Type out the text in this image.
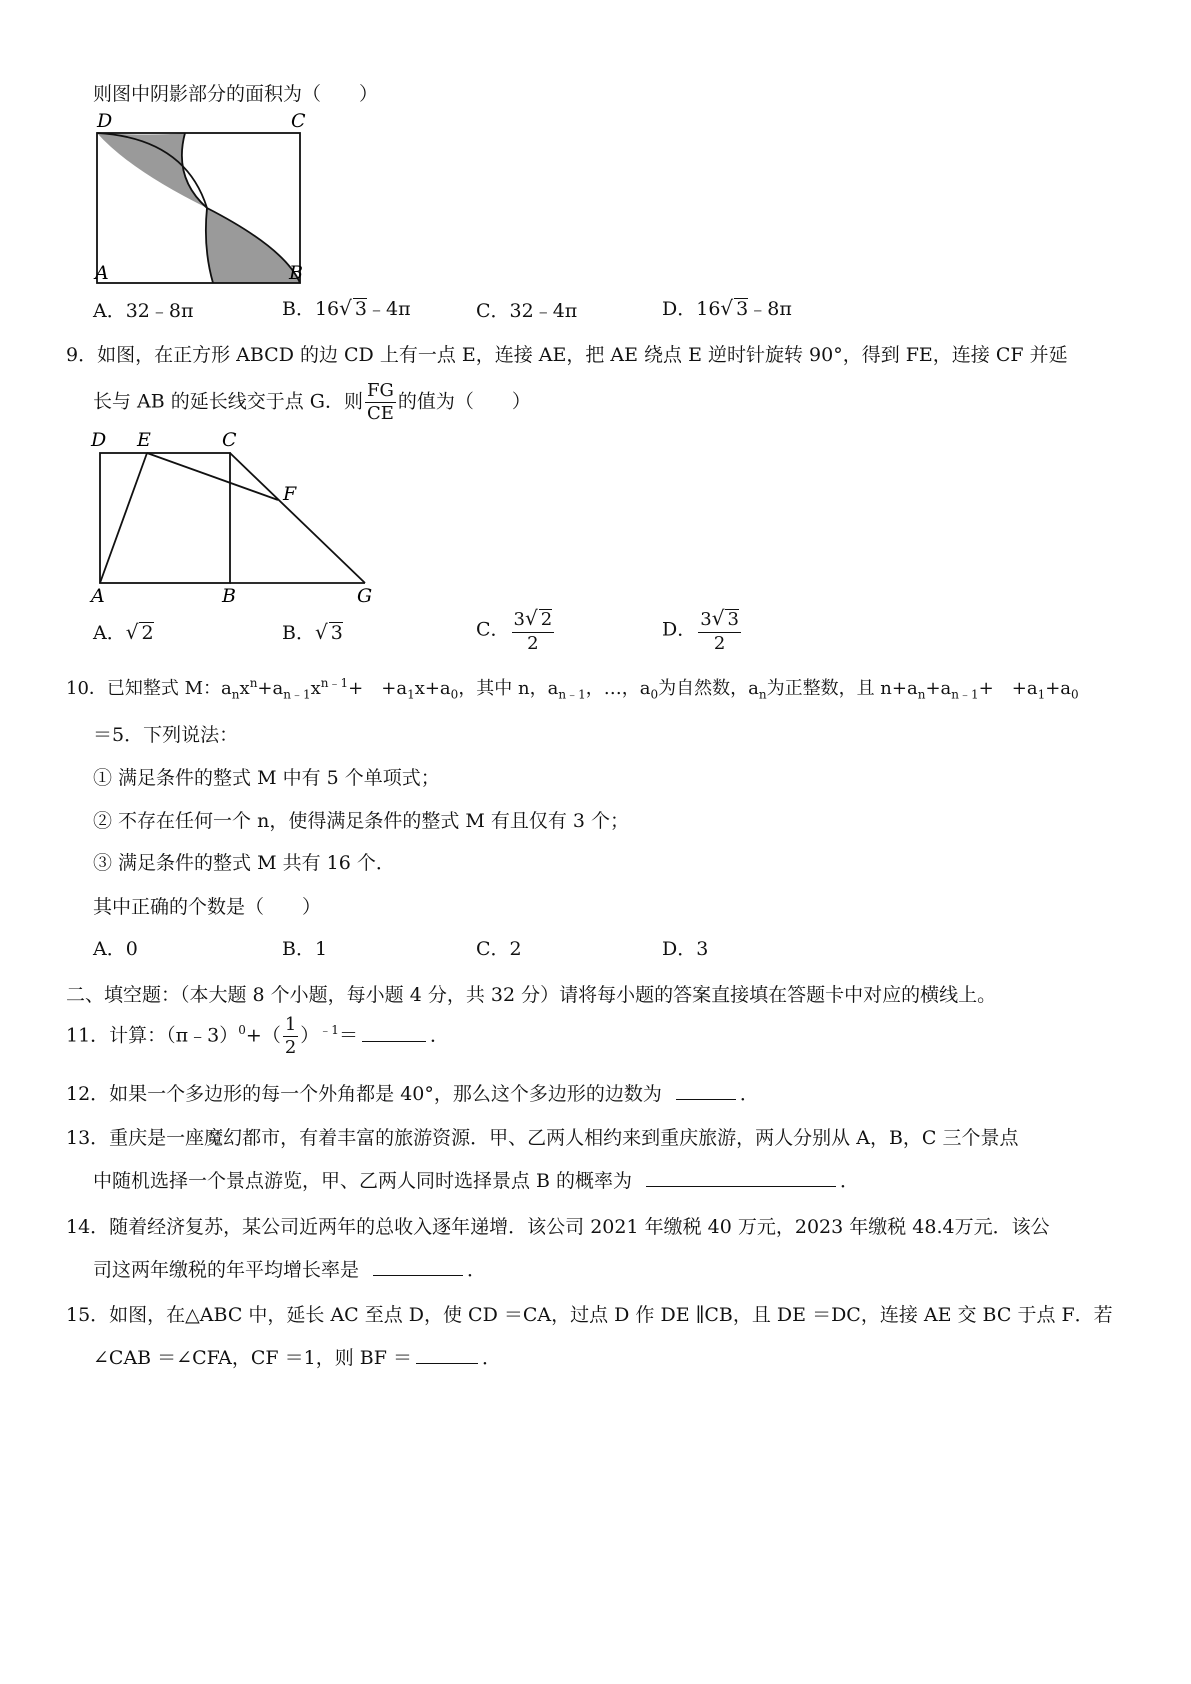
则图中阴影部分的面积为（　　）
D	C
A	B
A．32﹣8π	B．16√ 3﹣4π	C．32﹣4π	D．16√ 3﹣8π
9．如图，在正方形 ABCD 的边 CD 上有一点 E，连接 AE，把 AE 绕点 E 逆时针旋转 90°，得到 FE，连接 CF 并延
长与 AB 的延长线交于点 G．则 $\frac{FG}{CE}$ 的值为（　　）
D E	C
F
A	B	G
A．√ 2	B．√ 3	C． $\frac{3√ 2}{2}$	D． $\frac{3√ 3}{2}$
10．已知整式 M：$a_nx^n+a_{n﹣1}x^{n﹣1}+$　$+a_1x+a_0$，其中 n，$a_{n﹣1}$，…，$a_0$为自然数，$a_n$为正整数，且 $n+a_n+a_{n﹣1}+$　$+a_1+a_0$
＝5．下列说法：
① 满足条件的整式 M 中有 5 个单项式；
② 不存在任何一个 n，使得满足条件的整式 M 有且仅有 3 个；
③ 满足条件的整式 M 共有 16 个．
其中正确的个数是（　　）
A．0	B．1	C．2	D．3
二、填空题：（本大题 8 个小题，每小题 4 分，共 32 分）请将每小题的答案直接填在答题卡中对应的横线上。
11．计算：（π﹣3）$^0$+（ $\frac{1}{2} )^{﹣1}=$	．
12．如果一个多边形的每一个外角都是 40°，那么这个多边形的边数为	．
13．重庆是一座魔幻都市，有着丰富的旅游资源．甲、乙两人相约来到重庆旅游，两人分别从 A，B，C 三个景点
中随机选择一个景点游览，甲、乙两人同时选择景点 B 的概率为	．
14．随着经济复苏，某公司近两年的总收入逐年递增．该公司 2021 年缴税 40 万元，2023 年缴税 48.4万元．该公
司这两年缴税的年平均增长率是	．
15．如图，在△ABC 中，延长 AC 至点 D，使 CD ＝CA，过点 D 作 DE ∥CB，且 DE ＝DC，连接 AE 交 BC 于点 F．若
∠CAB ＝∠CFA，CF ＝1，则 BF ＝	．
